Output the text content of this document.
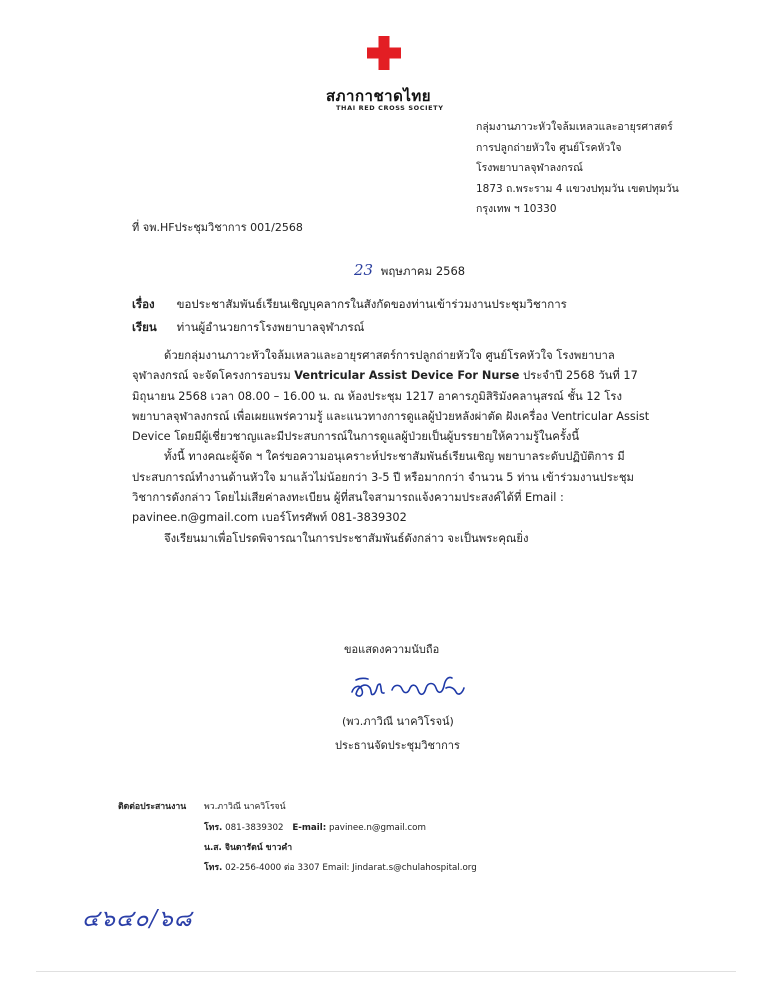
สภากาชาดไทย
THAI RED CROSS SOCIETY
กลุ่มงานภาวะหัวใจล้มเหลวและอายุรศาสตร์
การปลูกถ่ายหัวใจ ศูนย์โรคหัวใจ
โรงพยาบาลจุฬาลงกรณ์
1873 ถ.พระราม 4 แขวงปทุมวัน เขตปทุมวัน
กรุงเทพ ฯ 10330
ที่ จพ.HFประชุมวิชาการ 001/2568
23 พฤษภาคม 2568
เรื่อง ขอประชาสัมพันธ์เรียนเชิญบุคลากรในสังกัดของท่านเข้าร่วมงานประชุมวิชาการ
เรียน ท่านผู้อำนวยการโรงพยาบาลจุฬาภรณ์

ด้วยกลุ่มงานภาวะหัวใจล้มเหลวและอายุรศาสตร์การปลูกถ่ายหัวใจ ศูนย์โรคหัวใจ โรงพยาบาลจุฬาลงกรณ์ จะจัดโครงการอบรม Ventricular Assist Device For Nurse ประจำปี 2568 วันที่ 17 มิถุนายน 2568 เวลา 08.00 – 16.00 น. ณ ห้องประชุม 1217 อาคารภูมิสิริมังคลานุสรณ์ ชั้น 12 โรงพยาบาลจุฬาลงกรณ์ เพื่อเผยแพร่ความรู้ และแนวทางการดูแลผู้ป่วยหลังผ่าตัด ฝังเครื่อง Ventricular Assist Device โดยมีผู้เชี่ยวชาญและมีประสบการณ์ในการดูแลผู้ป่วยเป็นผู้บรรยายให้ความรู้ในครั้งนี้

ทั้งนี้ ทางคณะผู้จัด ฯ ใคร่ขอความอนุเคราะห์ประชาสัมพันธ์เรียนเชิญ พยาบาลระดับปฏิบัติการ มีประสบการณ์ทำงานด้านหัวใจ มาแล้วไม่น้อยกว่า 3-5 ปี หรือมากกว่า จำนวน 5 ท่าน เข้าร่วมงานประชุมวิชาการดังกล่าว โดยไม่เสียค่าลงทะเบียน ผู้ที่สนใจสามารถแจ้งความประสงค์ได้ที่ Email : pavinee.n@gmail.com เบอร์โทรศัพท์ 081-3839302

จึงเรียนมาเพื่อโปรดพิจารณาในการประชาสัมพันธ์ดังกล่าว จะเป็นพระคุณยิ่ง

ขอแสดงความนับถือ
(พว.ภาวิณี นาควิโรจน์)
ประธานจัดประชุมวิชาการ
ติดต่อประสานงาน พว.ภาวิณี นาควิโรจน์
โทร. 081-3839302 E-mail: pavinee.n@gmail.com
น.ส. จินดารัตน์ ขาวคำ
โทร. 02-256-4000 ต่อ 3307 Email: Jindarat.s@chulahospital.org
๔๖๔๐/๖๘
